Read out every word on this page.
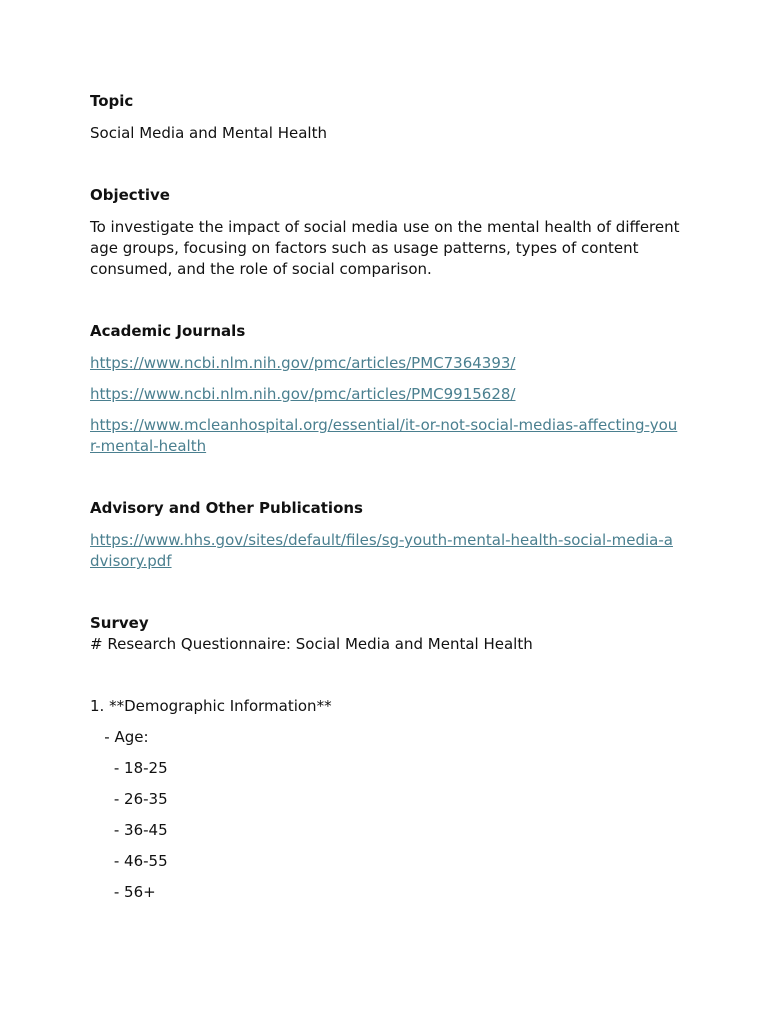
Topic

Social Media and Mental Health

Objective

To investigate the impact of social media use on the mental health of different age groups, focusing on factors such as usage patterns, types of content consumed, and the role of social comparison.

Academic Journals

https://www.ncbi.nlm.nih.gov/pmc/articles/PMC7364393/
https://www.ncbi.nlm.nih.gov/pmc/articles/PMC9915628/
https://www.mcleanhospital.org/essential/it-or-not-social-medias-affecting-your-mental-health

Advisory and Other Publications

https://www.hhs.gov/sites/default/files/sg-youth-mental-health-social-media-advisory.pdf

Survey

# Research Questionnaire: Social Media and Mental Health

1. **Demographic Information**

- Age:

- 18-25

- 26-35

- 36-45

- 46-55

- 56+
